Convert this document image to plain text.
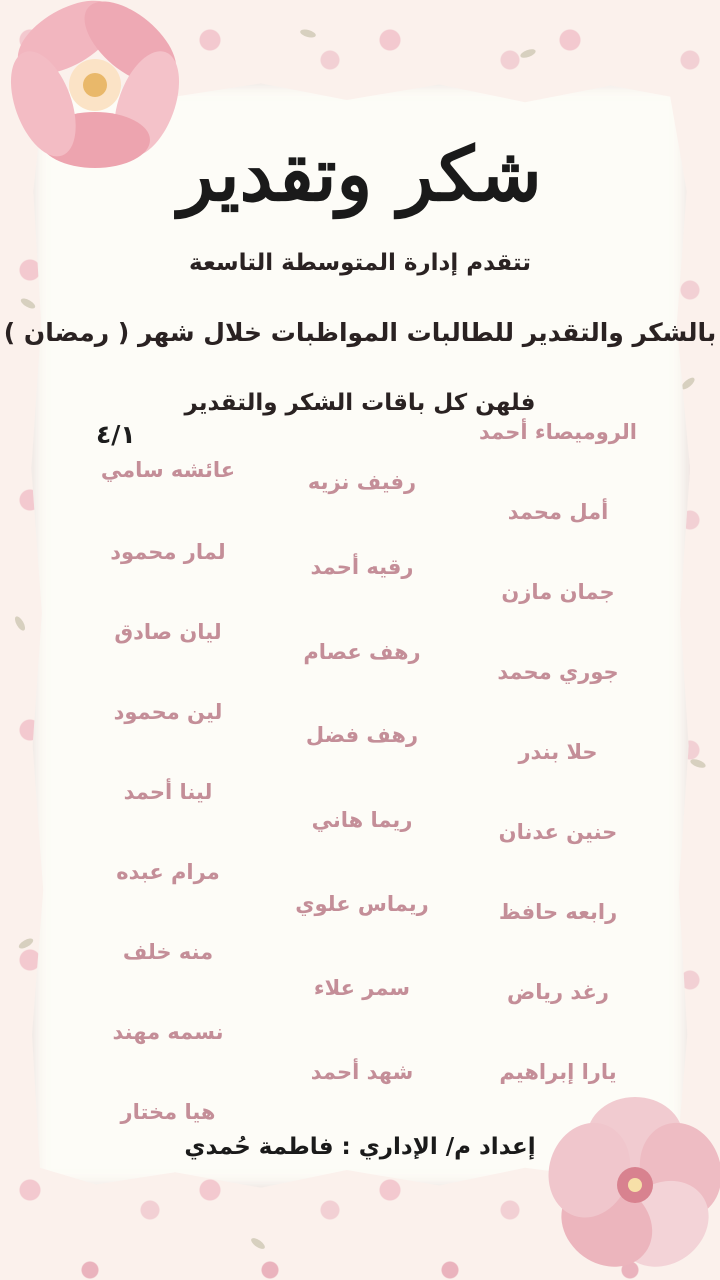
شكر وتقدير
تتقدم إدارة المتوسطة التاسعة
بالشكر والتقدير للطالبات المواظبات خلال شهر ( رمضان )
فلهن كل باقات الشكر والتقدير
٤/١	الروميصاء أحمد
أمل محمد
جمان مازن
جوري محمد
حلا بندر
حنين عدنان
رابعه حافظ
رغد رياض
يارا إبراهيم
رفيف نزيه
رقيه أحمد
رهف عصام
رهف فضل
ريما هاني
ريماس علوي
سمر علاء
شهد أحمد
عائشه سامي
لمار محمود
ليان صادق
لين محمود
لينا أحمد
مرام عبده
منه خلف
نسمه مهند
هيا مختار
إعداد م/ الإداري : فاطمة حُمدي
